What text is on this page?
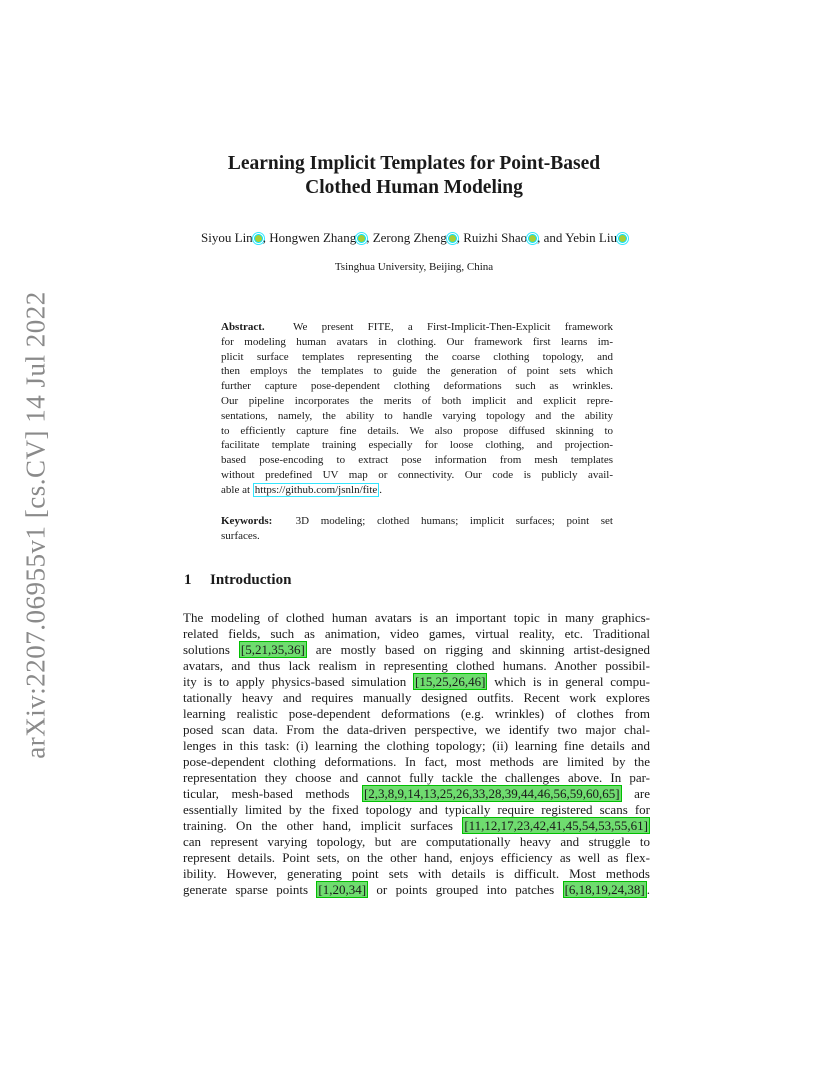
arXiv:2207.06955v1 [cs.CV] 14 Jul 2022
Learning Implicit Templates for Point-Based
Clothed Human Modeling
Siyou Lin , Hongwen Zhang , Zerong Zheng , Ruizhi Shao , and Yebin Liu
Tsinghua University, Beijing, China
Abstract.	We present FITE, a First-Implicit-Then-Explicit framework
for modeling human avatars in clothing. Our framework first learns im-
plicit surface templates representing the coarse clothing topology, and
then employs the templates to guide the generation of point sets which
further capture pose-dependent clothing deformations such as wrinkles.
Our pipeline incorporates the merits of both implicit and explicit repre-
sentations, namely, the ability to handle varying topology and the ability
to efficiently capture fine details. We also propose diffused skinning to
facilitate template training especially for loose clothing, and projection-
based pose-encoding to extract pose information from mesh templates
without predefined UV map or connectivity. Our code is publicly avail-
able at https://github.com/jsnln/fite .
Keywords: 3D modeling; clothed humans; implicit surfaces; point set
surfaces.
1 Introduction
The modeling of clothed human avatars is an important topic in many graphics-
related fields, such as animation, video games, virtual reality, etc. Traditional
solutions [5,21,35,36] are mostly based on rigging and skinning artist-designed
avatars, and thus lack realism in representing clothed humans. Another possibil-
ity is to apply physics-based simulation [15,25,26,46] which is in general compu-
tationally heavy and requires manually designed outfits. Recent work explores
learning realistic pose-dependent deformations (e.g. wrinkles) of clothes from
posed scan data. From the data-driven perspective, we identify two major chal-
lenges in this task: (i) learning the clothing topology; (ii) learning fine details and
pose-dependent clothing deformations. In fact, most methods are limited by the
representation they choose and cannot fully tackle the challenges above. In par-
ticular, mesh-based methods [2,3,8,9,14,13,25,26,33,28,39,44,46,56,59,60,65] are
essentially limited by the fixed topology and typically require registered scans for
training. On the other hand, implicit surfaces [11,12,17,23,42,41,45,54,53,55,61]
can represent varying topology, but are computationally heavy and struggle to
represent details. Point sets, on the other hand, enjoys efficiency as well as flex-
ibility. However, generating point sets with details is difficult. Most methods
generate sparse points [1,20,34] or points grouped into patches [6,18,19,24,38] .
